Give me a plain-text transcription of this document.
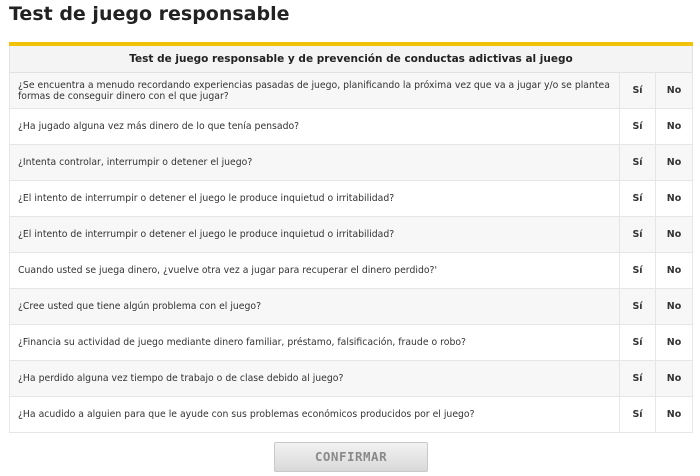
Test de juego responsable
Test de juego responsable y de prevención de conductas adictivas al juego		
¿Se encuentra a menudo recordando experiencias pasadas de juego, planificando la próxima vez que va a jugar y/o se plantea formas de conseguir dinero con el que jugar?	Sí	No
¿Ha jugado alguna vez más dinero de lo que tenía pensado?	Sí	No
¿Intenta controlar, interrumpir o detener el juego?	Sí	No
¿El intento de interrumpir o detener el juego le produce inquietud o irritabilidad?	Sí	No
¿El intento de interrumpir o detener el juego le produce inquietud o irritabilidad?	Sí	No
Cuando usted se juega dinero, ¿vuelve otra vez a jugar para recuperar el dinero perdido?'	Sí	No
¿Cree usted que tiene algún problema con el juego?	Sí	No
¿Financia su actividad de juego mediante dinero familiar, préstamo, falsificación, fraude o robo?	Sí	No
¿Ha perdido alguna vez tiempo de trabajo o de clase debido al juego?	Sí	No
¿Ha acudido a alguien para que le ayude con sus problemas económicos producidos por el juego?	Sí	No
CONFIRMAR
